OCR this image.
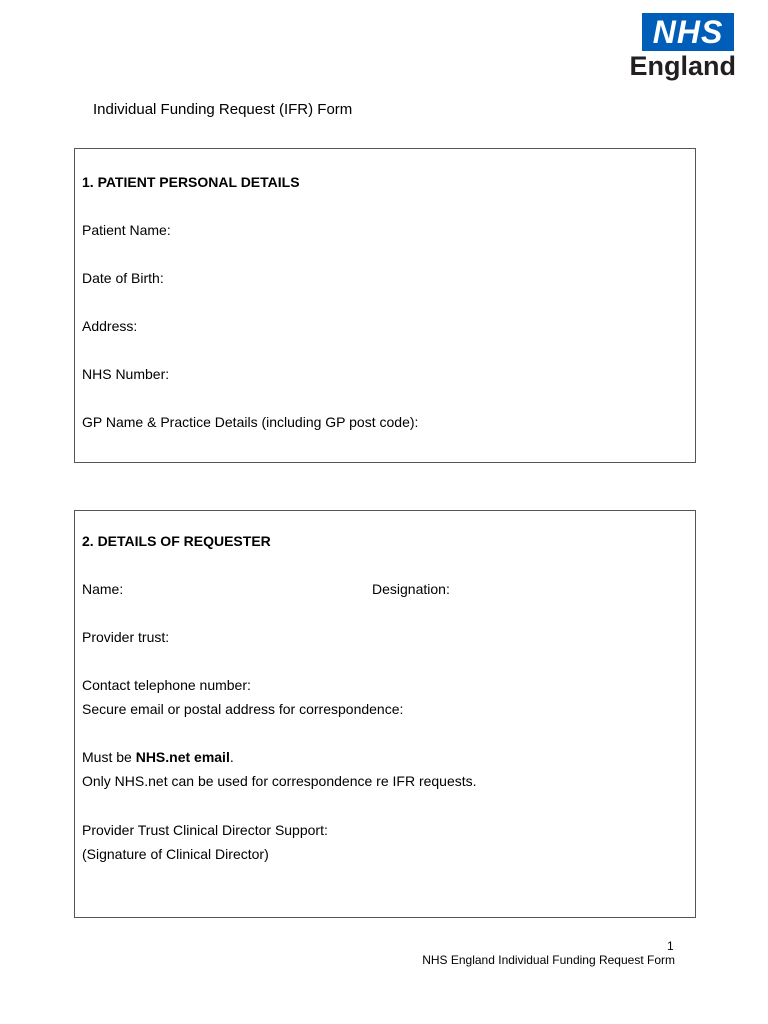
NHS
England
Individual Funding Request (IFR) Form
1. PATIENT PERSONAL DETAILS
Patient Name:
Date of Birth:
Address:
NHS Number:
GP Name & Practice Details (including GP post code):
2. DETAILS OF REQUESTER
Name:	Designation:
Provider trust:
Contact telephone number:
Secure email or postal address for correspondence:
Must be NHS.net email.
Only NHS.net can be used for correspondence re IFR requests.
Provider Trust Clinical Director Support:
(Signature of Clinical Director)
1
NHS England Individual Funding Request Form
